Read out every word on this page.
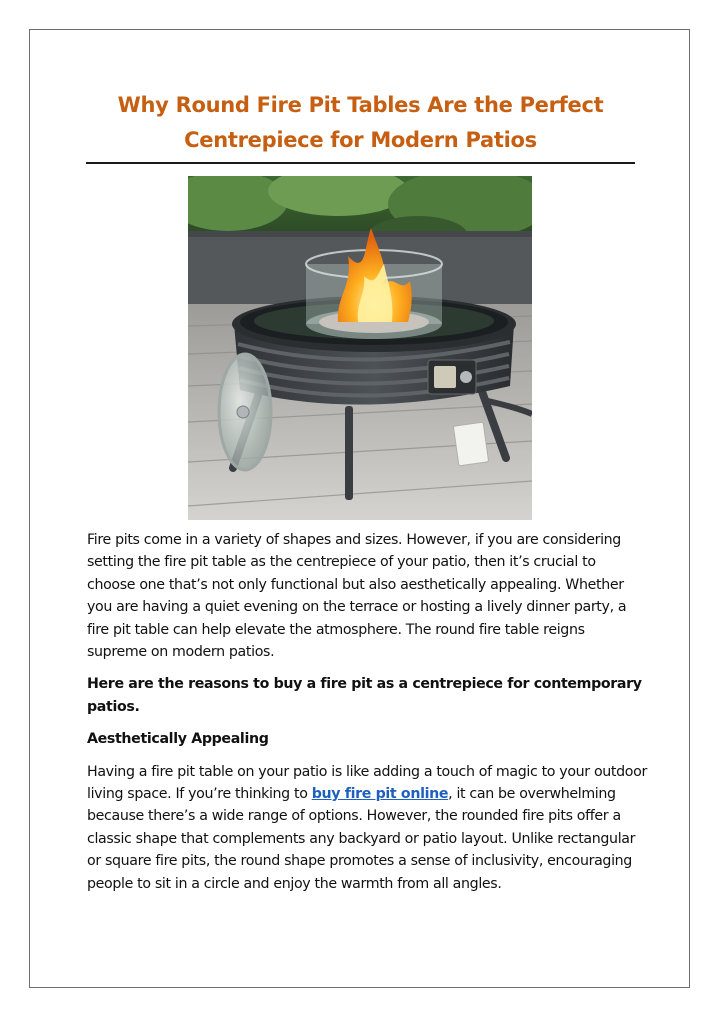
Why Round Fire Pit Tables Are the Perfect Centrepiece for Modern Patios

Fire pits come in a variety of shapes and sizes. However, if you are considering setting the fire pit table as the centrepiece of your patio, then it’s crucial to choose one that’s not only functional but also aesthetically appealing. Whether you are having a quiet evening on the terrace or hosting a lively dinner party, a fire pit table can help elevate the atmosphere. The round fire table reigns supreme on modern patios.

Here are the reasons to buy a fire pit as a centrepiece for contemporary patios.

Aesthetically Appealing

Having a fire pit table on your patio is like adding a touch of magic to your outdoor living space. If you’re thinking to buy fire pit online, it can be overwhelming because there’s a wide range of options. However, the rounded fire pits offer a classic shape that complements any backyard or patio layout. Unlike rectangular or square fire pits, the round shape promotes a sense of inclusivity, encouraging people to sit in a circle and enjoy the warmth from all angles.
